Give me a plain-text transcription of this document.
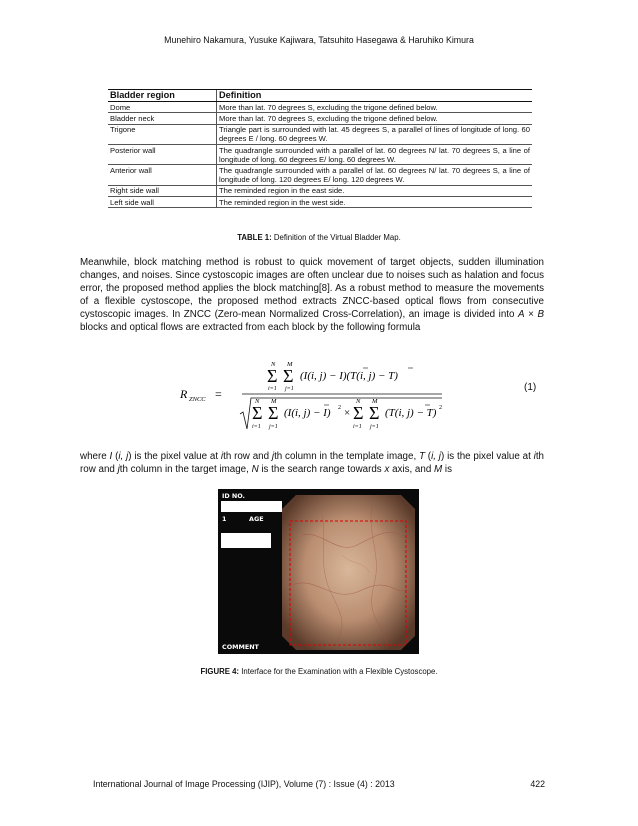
Munehiro Nakamura, Yusuke Kajiwara, Tatsuhito Hasegawa & Haruhiko Kimura
Bladder region	Definition
Dome	More than lat. 70 degrees S, excluding the trigone defined below.
Bladder neck	More than lat. 70 degrees S, excluding the trigone defined below.
Trigone	Triangle part is surrounded with lat. 45 degrees S, a parallel of lines of longitude of long. 60 degrees E / long. 60 degrees W.
Posterior wall	The quadrangle surrounded with a parallel of lat. 60 degrees N/ lat. 70 degrees S, a line of longitude of long. 60 degrees E/ long. 60 degrees W.
Anterior wall	The quadrangle surrounded with a parallel of lat. 60 degrees N/ lat. 70 degrees S, a line of longitude of long. 120 degrees E/ long. 120 degrees W.
Right side wall	The reminded region in the east side.
Left side wall	The reminded region in the west side.
TABLE 1: Definition of the Virtual Bladder Map.

Meanwhile, block matching method is robust to quick movement of target objects, sudden illumination changes, and noises. Since cystoscopic images are often unclear due to noises such as halation and focus error, the proposed method applies the block matching[8]. As a robust method to measure the movements of a flexible cystoscope, the proposed method extracts ZNCC-based optical flows from consecutive cystoscopic images. In ZNCC (Zero-mean Normalized Cross-Correlation), an image is divided into A × B blocks and optical flows are extracted from each block by the following formula

R ZNCC =
N M
Σ Σ
i=1 j=1
(I(i, j) − I)(T(i, j) − T)
N M
Σ Σ
i=1 j=1
(I(i, j) − I) 2 ×
N M
Σ Σ
i=1 j=1
(T(i, j) − T) 2
(1)

where I (i, j) is the pixel value at ith row and jth column in the template image, T (i, j) is the pixel value at ith row and jth column in the target image, N is the search range towards x axis, and M is

ID NO.
1	AGE
COMMENT
FIGURE 4: Interface for the Examination with a Flexible Cystoscope.
International Journal of Image Processing (IJIP), Volume (7) : Issue (4) : 2013	422
